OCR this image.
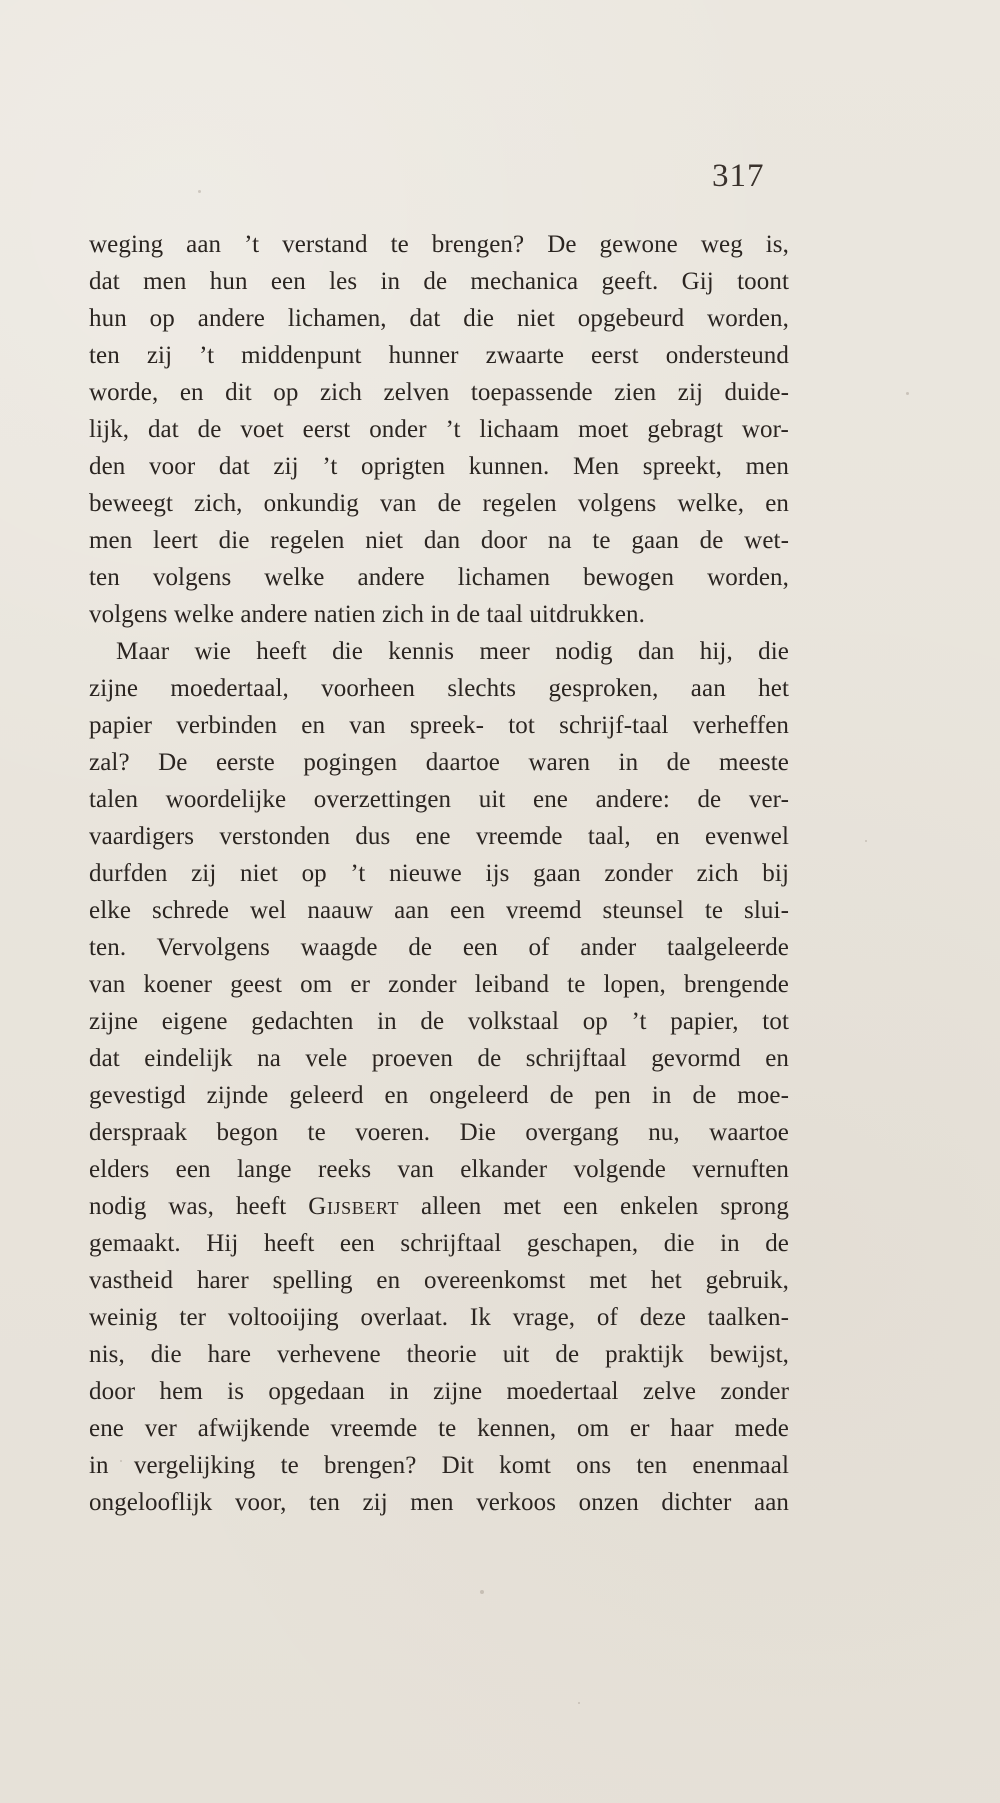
317
weging aan ’t verstand te brengen? De gewone weg is,
dat men hun een les in de mechanica geeft. Gij toont
hun op andere lichamen, dat die niet opgebeurd worden,
ten zij ’t middenpunt hunner zwaarte eerst ondersteund
worde, en dit op zich zelven toepassende zien zij duide-
lijk, dat de voet eerst onder ’t lichaam moet gebragt wor-
den voor dat zij ’t oprigten kunnen. Men spreekt, men
beweegt zich, onkundig van de regelen volgens welke, en
men leert die regelen niet dan door na te gaan de wet-
ten volgens welke andere lichamen bewogen worden,
volgens welke andere natien zich in de taal uitdrukken.
Maar wie heeft die kennis meer nodig dan hij, die
zijne moedertaal, voorheen slechts gesproken, aan het
papier verbinden en van spreek- tot schrijf-taal verheffen
zal? De eerste pogingen daartoe waren in de meeste
talen woordelijke overzettingen uit ene andere: de ver-
vaardigers verstonden dus ene vreemde taal, en evenwel
durfden zij niet op ’t nieuwe ijs gaan zonder zich bij
elke schrede wel naauw aan een vreemd steunsel te slui-
ten. Vervolgens waagde de een of ander taalgeleerde
van koener geest om er zonder leiband te lopen, brengende
zijne eigene gedachten in de volkstaal op ’t papier, tot
dat eindelijk na vele proeven de schrijftaal gevormd en
gevestigd zijnde geleerd en ongeleerd de pen in de moe-
derspraak begon te voeren. Die overgang nu, waartoe
elders een lange reeks van elkander volgende vernuften
nodig was, heeft Gijsbert alleen met een enkelen sprong
gemaakt. Hij heeft een schrijftaal geschapen, die in de
vastheid harer spelling en overeenkomst met het gebruik,
weinig ter voltooijing overlaat. Ik vrage, of deze taalken-
nis, die hare verhevene theorie uit de praktijk bewijst,
door hem is opgedaan in zijne moedertaal zelve zonder
ene ver afwijkende vreemde te kennen, om er haar mede
in vergelijking te brengen? Dit komt ons ten enenmaal
ongelooflijk voor, ten zij men verkoos onzen dichter aan
